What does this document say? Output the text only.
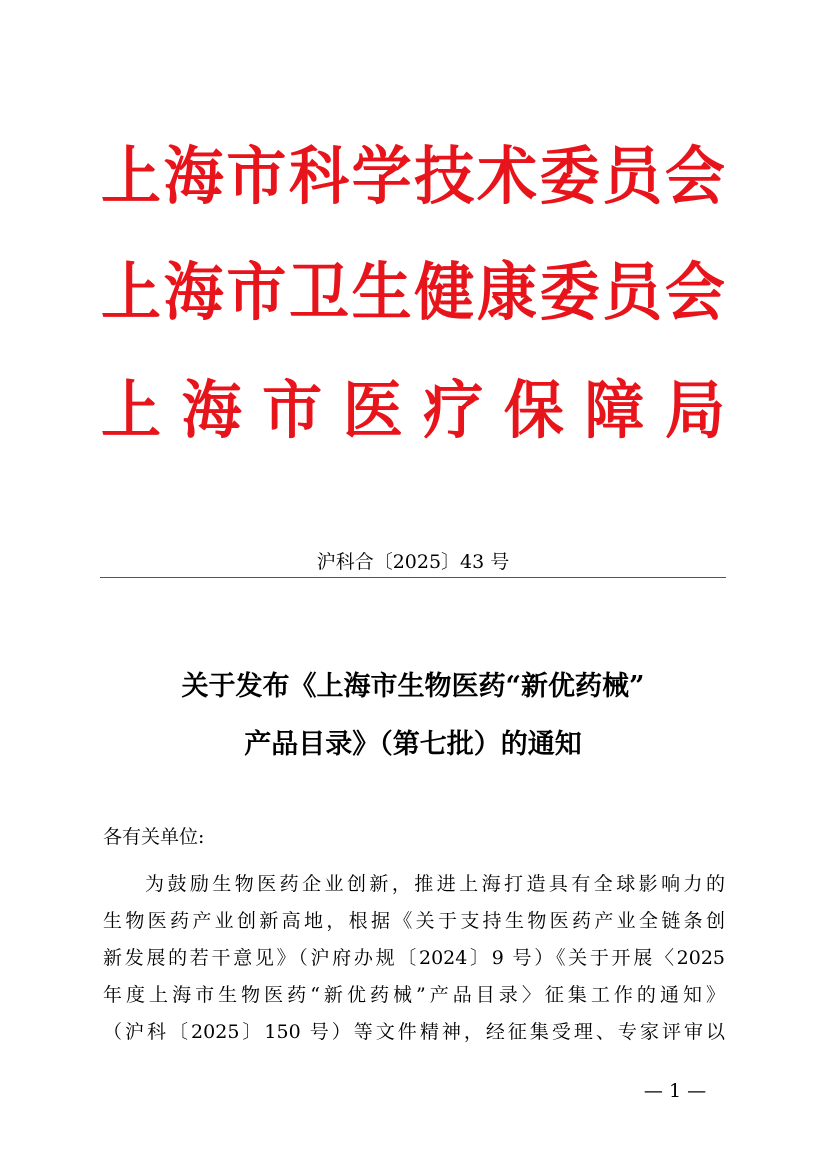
上 海 市 科 学 技 术 委 员 会
上 海 市 卫 生 健 康 委 员 会
上 海 市 医 疗 保 障 局
沪科合〔2025〕43 号
关于发布《上海市生物医药“新优药械”
产品目录》（第七批）的通知
各有关单位:
为鼓励生物医药企业创新，推进上海打造具有全球影响力的
生物医药产业创新高地，根据《关于支持生物医药产业全链条创
新发展的若干意见》（沪府办规〔2024〕9 号）《关于开展〈2025
年度上海市生物医药“新优药械”产品目录〉征集工作的通知》
（沪科〔2025〕150 号）等文件精神，经征集受理、专家评审以
— 1 —
